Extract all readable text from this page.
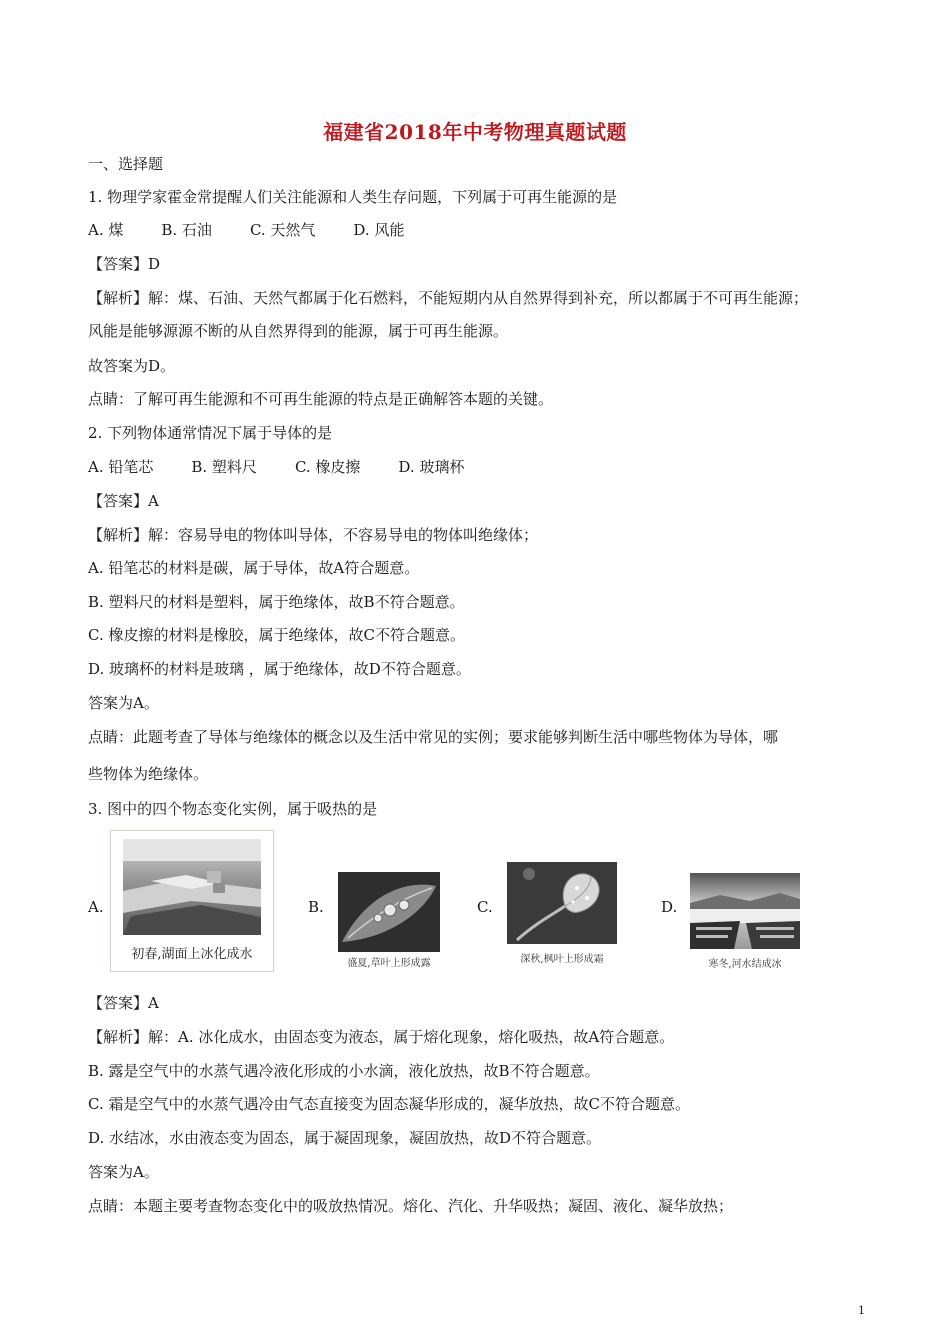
福建省2018年中考物理真题试题
一、选择题
1. 物理学家霍金常提醒人们关注能源和人类生存问题，下列属于可再生能源的是
A. 煤	B. 石油	C. 天然气	D. 风能
【答案】D
【解析】解：煤、石油、天然气都属于化石燃料，不能短期内从自然界得到补充，所以都属于不可再生能源；
风能是能够源源不断的从自然界得到的能源，属于可再生能源。
故答案为D。
点睛：了解可再生能源和不可再生能源的特点是正确解答本题的关键。
2. 下列物体通常情况下属于导体的是
A. 铅笔芯	B. 塑料尺	C. 橡皮擦	D. 玻璃杯
【答案】A
【解析】解：容易导电的物体叫导体，不容易导电的物体叫绝缘体；
A. 铅笔芯的材料是碳，属于导体，故A符合题意。
B. 塑料尺的材料是塑料，属于绝缘体，故B不符合题意。
C. 橡皮擦的材料是橡胶，属于绝缘体，故C不符合题意。
D. 玻璃杯的材料是玻璃 ，属于绝缘体，故D不符合题意。
答案为A。
点睛：此题考查了导体与绝缘体的概念以及生活中常见的实例；要求能够判断生活中哪些物体为导体，哪
些物体为绝缘体。
3. 图中的四个物态变化实例，属于吸热的是
A.	B.	C.	D.
初春,湖面上冰化成水
盛夏,草叶上形成露	深秋,枫叶上形成霜	寒冬,河水结成冰
【答案】A
【解析】解：A. 冰化成水，由固态变为液态，属于熔化现象，熔化吸热，故A符合题意。
B. 露是空气中的水蒸气遇冷液化形成的小水滴，液化放热，故B不符合题意。
C. 霜是空气中的水蒸气遇冷由气态直接变为固态凝华形成的，凝华放热，故C不符合题意。
D. 水结冰，水由液态变为固态，属于凝固现象，凝固放热，故D不符合题意。
答案为A。
点睛：本题主要考查物态变化中的吸放热情况。熔化、汽化、升华吸热；凝固、液化、凝华放热；
1
